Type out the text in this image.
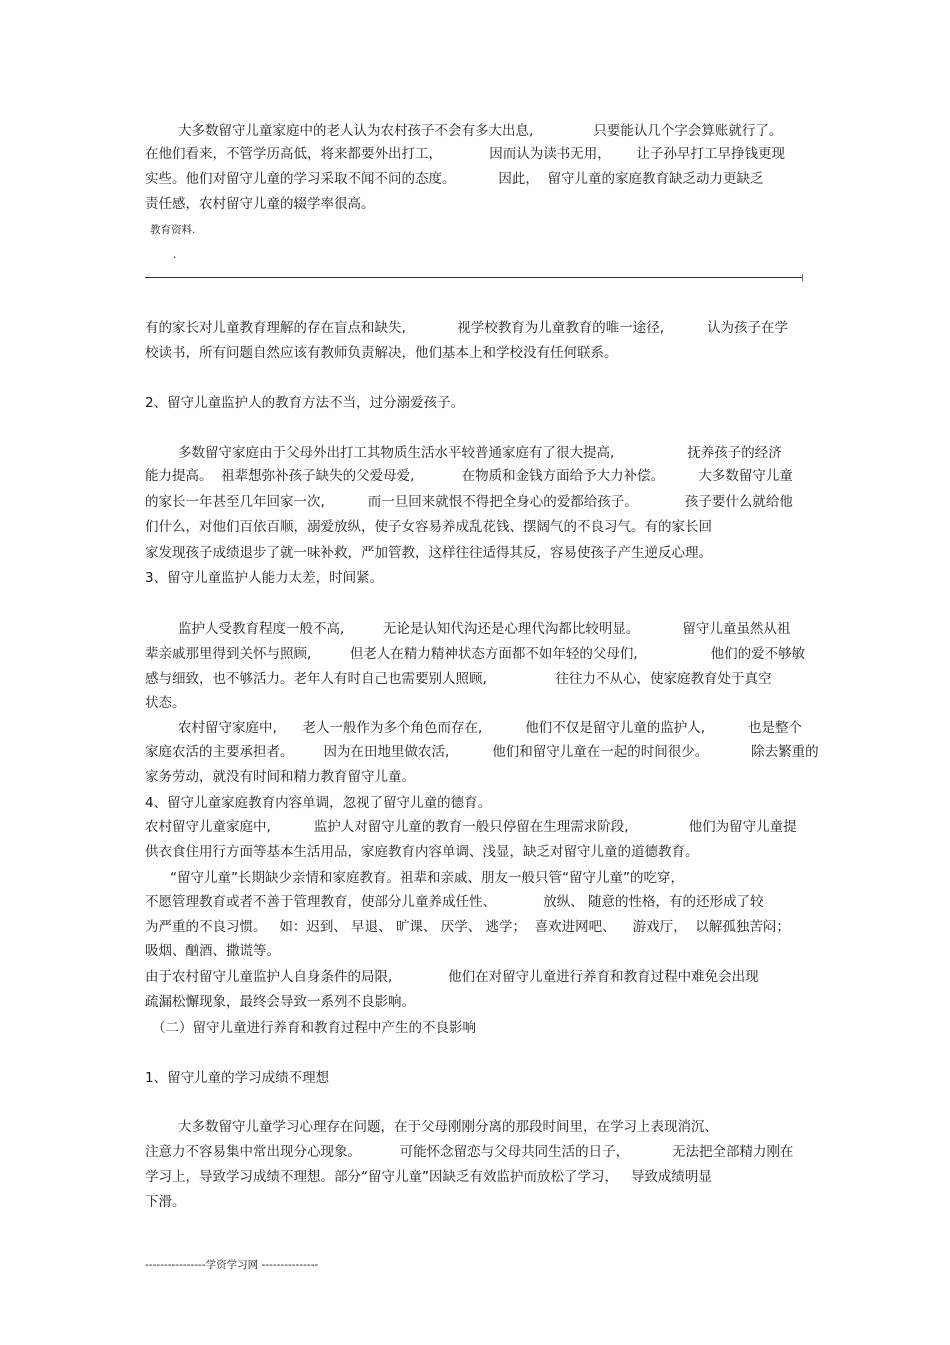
大多数留守儿童家庭中的老人认为农村孩子不会有多大出息,              只要能认几个字会算账就行了。
在他们看来，不管学历高低，将来都要外出打工，           因而认为读书无用，      让子孙早打工早挣钱更现
实些。他们对留守儿童的学习采取不闻不问的态度。          因此，  留守儿童的家庭教育缺乏动力更缺乏
责任感，农村留守儿童的辍学率很高。
教育资料.
.
有的家长对儿童教育理解的存在盲点和缺失,            视学校教育为儿童教育的唯一途径,          认为孩子在学
校读书，所有问题自然应该有教师负责解决，他们基本上和学校没有任何联系。
2、留守儿童监护人的教育方法不当，过分溺爱孩子。
多数留守家庭由于父母外出打工其物质生活水平较普通家庭有了很大提高,                 抚养孩子的经济
能力提高。  祖辈想弥补孩子缺失的父爱母爱,           在物质和金钱方面给予大力补偿。        大多数留守儿童
的家长一年甚至几年回家一次,          而一旦回来就恨不得把全身心的爱都给孩子。           孩子要什么就给他
们什么，对他们百依百顺，溺爱放纵，使子女容易养成乱花钱、摆阔气的不良习气。有的家长回
家发现孩子成绩退步了就一味补救，严加管教，这样往往适得其反，容易使孩子产生逆反心理。
3、留守儿童监护人能力太差，时间紧。
监护人受教育程度一般不高,         无论是认知代沟还是心理代沟都比较明显。          留守儿童虽然从祖
辈亲戚那里得到关怀与照顾,         但老人在精力精神状态方面都不如年轻的父母们,                 他们的爱不够敏
感与细致，也不够活力。老年人有时自己也需要别人照顾,                往往力不从心，使家庭教育处于真空
状态。
农村留守家庭中,      老人一般作为多个角色而存在,          他们不仅是留守儿童的监护人,          也是整个
家庭农活的主要承担者。       因为在田地里做农活,          他们和留守儿童在一起的时间很少。          除去繁重的
家务劳动，就没有时间和精力教育留守儿童。
4、留守儿童家庭教育内容单调，忽视了留守儿童的德育。
农村留守儿童家庭中,          监护人对留守儿童的教育一般只停留在生理需求阶段,              他们为留守儿童提
供衣食住用行方面等基本生活用品，家庭教育内容单调、浅显，缺乏对留守儿童的道德教育。
“留守儿童”长期缺少亲情和家庭教育。祖辈和亲戚、朋友一般只管“留守儿童”的吃穿，
不愿管理教育或者不善于管理教育，使部分儿童养成任性、           放纵、 随意的性格，有的还形成了较
为严重的不良习惯。   如：迟到、 早退、 旷课、 厌学、 逃学；  喜欢进网吧、    游戏厅，  以解孤独苦闷；
吸烟、酗酒、撒谎等。
由于农村留守儿童监护人自身条件的局限,             他们在对留守儿童进行养育和教育过程中难免会出现
疏漏松懈现象，最终会导致一系列不良影响。
（二）留守儿童进行养育和教育过程中产生的不良影响
1、留守儿童的学习成绩不理想
大多数留守儿童学习心理存在问题，在于父母刚刚分离的那段时间里，在学习上表现消沉、
注意力不容易集中常出现分心现象。         可能怀念留恋与父母共同生活的日子，          无法把全部精力刚在
学习上，导致学习成绩不理想。部分“留守儿童”因缺乏有效监护而放松了学习，   导致成绩明显
下滑。
----------------学资学习网 ---------------
